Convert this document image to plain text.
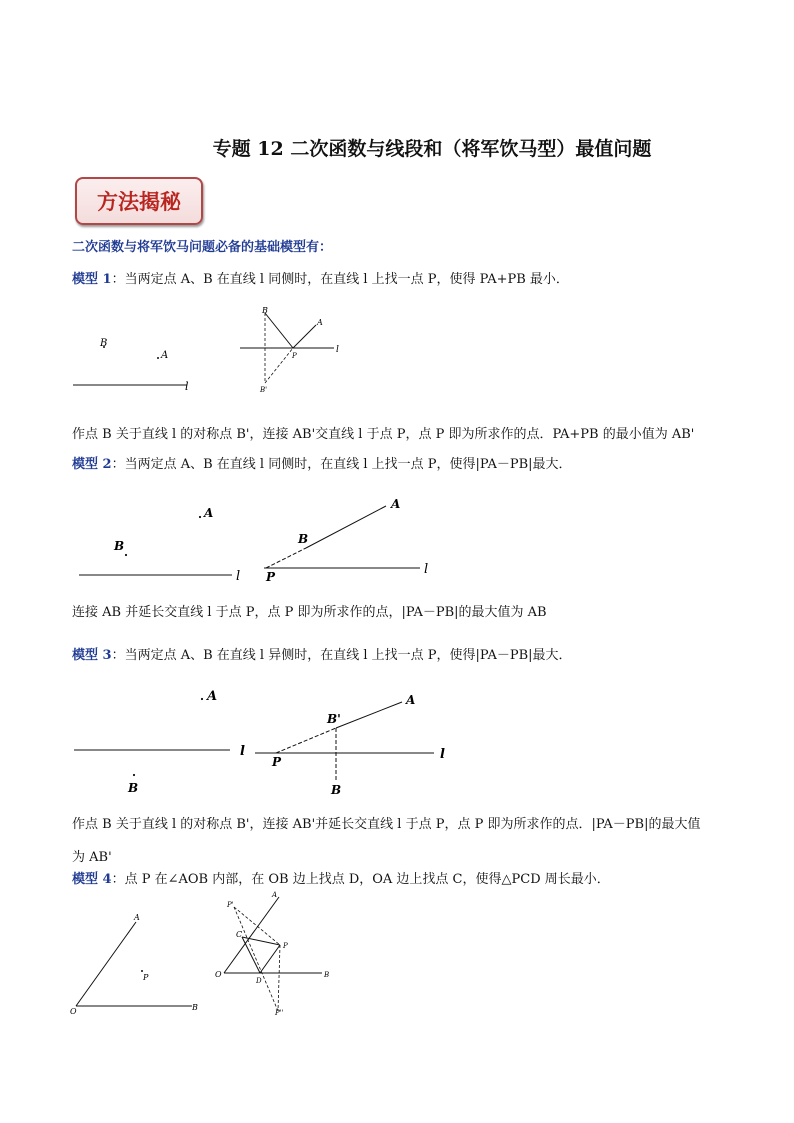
专题 12 二次函数与线段和（将军饮马型）最值问题
方法揭秘
二次函数与将军饮马问题必备的基础模型有：
模型 1：当两定点 A、B 在直线 l 同侧时，在直线 l 上找一点 P，使得 PA+PB 最小．
B
A
l
B
A
P
B'
l
作点 B 关于直线 l 的对称点 B'，连接 AB'交直线 l 于点 P，点 P 即为所求作的点．PA+PB 的最小值为 AB'
模型 2：当两定点 A、B 在直线 l 同侧时，在直线 l 上找一点 P，使得|PA－PB|最大．
A
B
l
A
B
P	l
连接 AB 并延长交直线 l 于点 P，点 P 即为所求作的点，|PA－PB|的最大值为 AB
模型 3：当两定点 A、B 在直线 l 异侧时，在直线 l 上找一点 P，使得|PA－PB|最大．
A
B
l
A
B'
P
B
l
作点 B 关于直线 l 的对称点 B'，连接 AB'并延长交直线 l 于点 P，点 P 即为所求作的点．|PA－PB|的最大值
为 AB'
模型 4：点 P 在∠AOB 内部，在 OB 边上找点 D，OA 边上找点 C，使得△PCD 周长最小．
A
P
O	B
P'
A
C
P
O
D
B
P''
